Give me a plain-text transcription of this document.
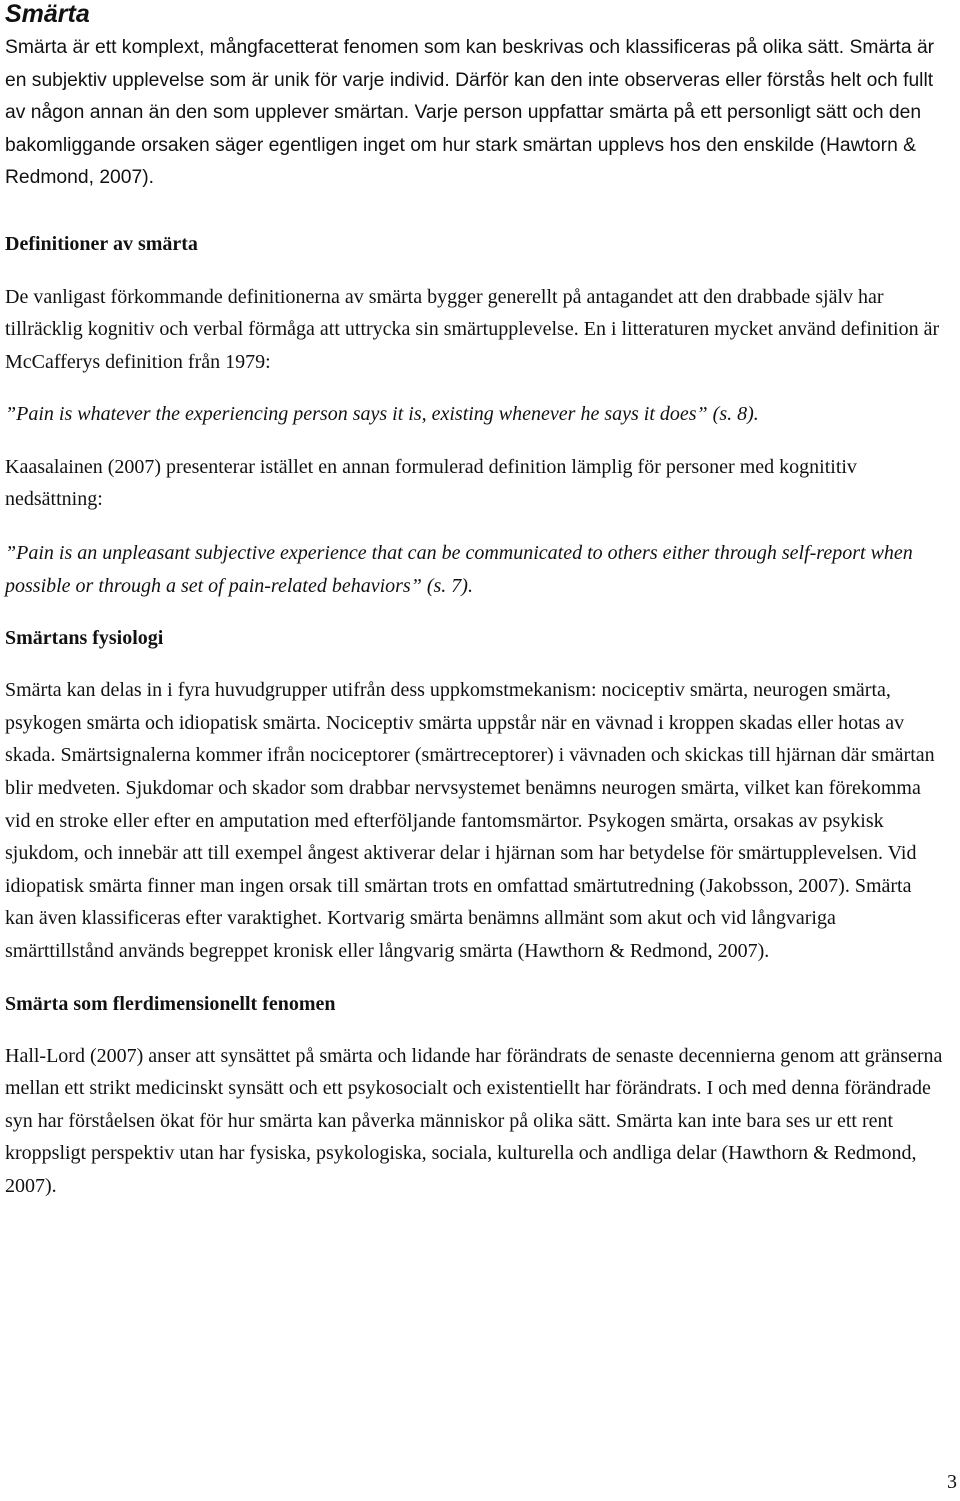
Smärta

Smärta är ett komplext, mångfacetterat fenomen som kan beskrivas och klassificeras på olika sätt. Smärta är en subjektiv upplevelse som är unik för varje individ. Därför kan den inte observeras eller förstås helt och fullt av någon annan än den som upplever smärtan. Varje person uppfattar smärta på ett personligt sätt och den bakomliggande orsaken säger egentligen inget om hur stark smärtan upplevs hos den enskilde (Hawtorn & Redmond, 2007).

Definitioner av smärta

De vanligast förkommande definitionerna av smärta bygger generellt på antagandet att den drabbade själv har tillräcklig kognitiv och verbal förmåga att uttrycka sin smärtupplevelse. En i litteraturen mycket använd definition är McCafferys definition från 1979:

”Pain is whatever the experiencing person says it is, existing whenever he says it does” (s. 8).

Kaasalainen (2007) presenterar istället en annan formulerad definition lämplig för personer med kognititiv nedsättning:

”Pain is an unpleasant subjective experience that can be communicated to others either through self-report when possible or through a set of pain-related behaviors” (s. 7).

Smärtans fysiologi

Smärta kan delas in i fyra huvudgrupper utifrån dess uppkomstmekanism: nociceptiv smärta, neurogen smärta, psykogen smärta och idiopatisk smärta. Nociceptiv smärta uppstår när en vävnad i kroppen skadas eller hotas av skada. Smärtsignalerna kommer ifrån nociceptorer (smärtreceptorer) i vävnaden och skickas till hjärnan där smärtan blir medveten. Sjukdomar och skador som drabbar nervsystemet benämns neurogen smärta, vilket kan förekomma vid en stroke eller efter en amputation med efterföljande fantomsmärtor. Psykogen smärta, orsakas av psykisk sjukdom, och innebär att till exempel ångest aktiverar delar i hjärnan som har betydelse för smärtupplevelsen. Vid idiopatisk smärta finner man ingen orsak till smärtan trots en omfattad smärtutredning (Jakobsson, 2007). Smärta kan även klassificeras efter varaktighet. Kortvarig smärta benämns allmänt som akut och vid långvariga smärttillstånd används begreppet kronisk eller långvarig smärta (Hawthorn & Redmond, 2007).

Smärta som flerdimensionellt fenomen

Hall-Lord (2007) anser att synsättet på smärta och lidande har förändrats de senaste decennierna genom att gränserna mellan ett strikt medicinskt synsätt och ett psykosocialt och existentiellt har förändrats. I och med denna förändrade syn har förståelsen ökat för hur smärta kan påverka människor på olika sätt. Smärta kan inte bara ses ur ett rent kroppsligt perspektiv utan har fysiska, psykologiska, sociala, kulturella och andliga delar (Hawthorn & Redmond, 2007).

3
